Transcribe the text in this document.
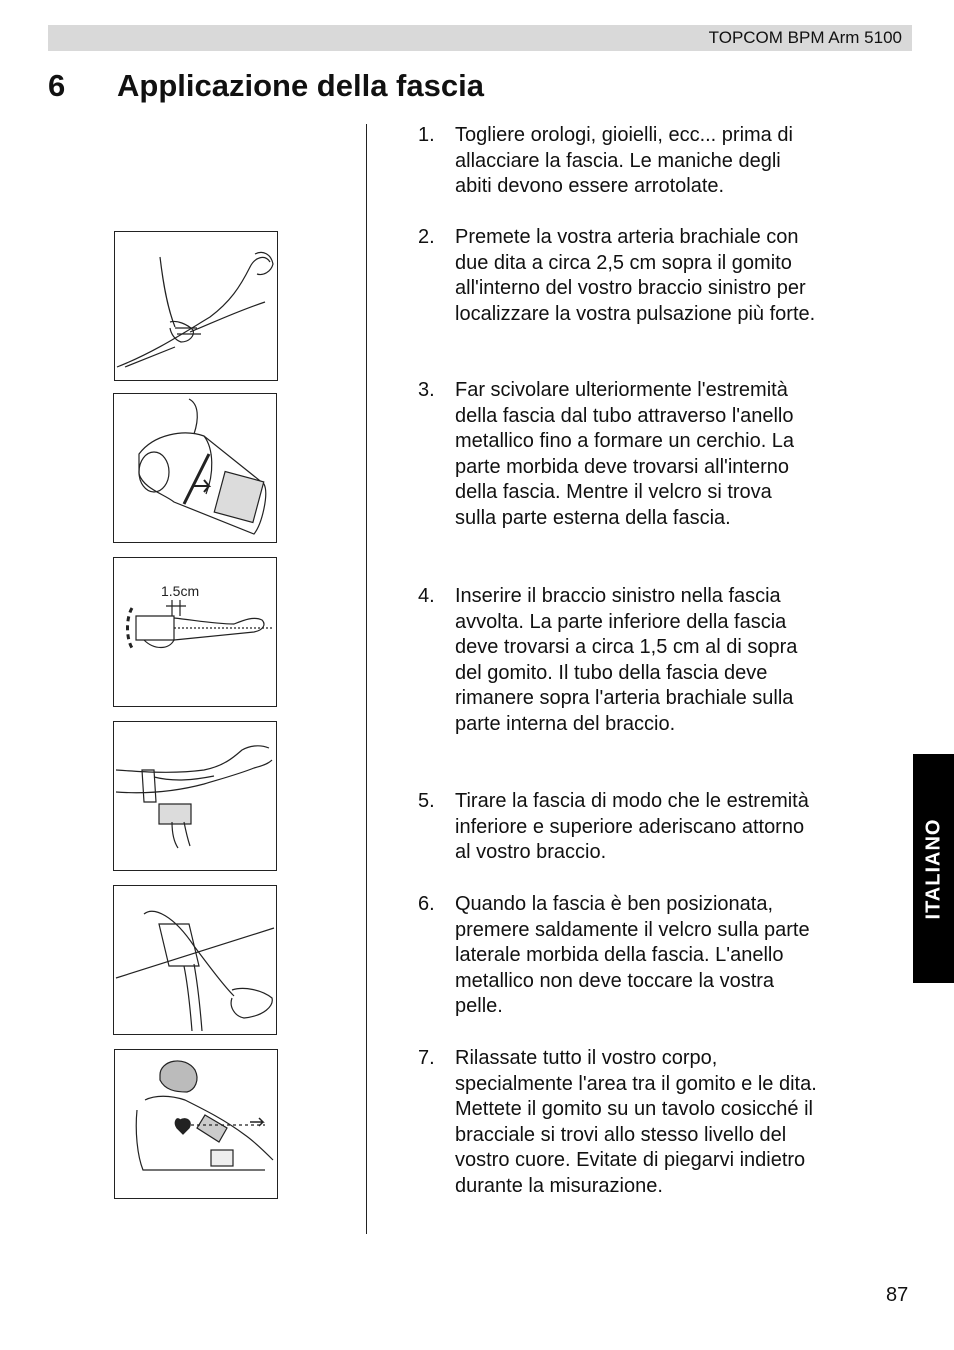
TOPCOM BPM Arm 5100
6 Applicazione della fascia
1.5cm
1. Togliere orologi, gioielli, ecc... prima di allacciare la fascia. Le maniche degli abiti devono essere arrotolate.
2. Premete la vostra arteria brachiale con due dita a circa 2,5 cm sopra il gomito all'interno del vostro braccio sinistro per localizzare la vostra pulsazione più forte.
3. Far scivolare ulteriormente l'estremità della fascia dal tubo attraverso l'anello metallico fino a formare un cerchio. La parte morbida deve trovarsi all'interno della fascia. Mentre il velcro si trova sulla parte esterna della fascia.
4. Inserire il braccio sinistro nella fascia avvolta. La parte inferiore della fascia deve trovarsi a circa 1,5 cm al di sopra del gomito. Il tubo della fascia deve rimanere sopra l'arteria brachiale sulla parte interna del braccio.
5. Tirare la fascia di modo che le estremità inferiore e superiore aderiscano attorno al vostro braccio.
6. Quando la fascia è ben posizionata, premere saldamente il velcro sulla parte laterale morbida della fascia. L'anello metallico non deve toccare la vostra pelle.
7. Rilassate tutto il vostro corpo, specialmente l'area tra il gomito e le dita. Mettete il gomito su un tavolo cosicché il bracciale si trovi allo stesso livello del vostro cuore. Evitate di piegarvi indietro durante la misurazione.
ITALIANO
87
